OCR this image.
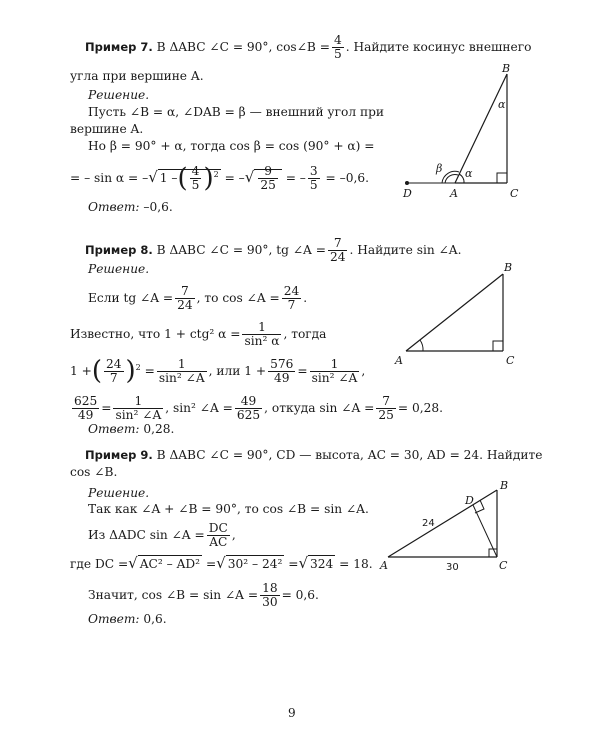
Пример 7. В ΔABC ∠C = 90°, cos∠B = $\frac{4}{5}$ . Найдите косинус внешнего
угла при вершине A.
Решение.
Пусть ∠B = α, ∠DAB = β — внешний угол при
вершине A.
Но β = 90° + α, тогда cos β = cos (90° + α) =
= – sin α = –√ 1 –( $\frac{4}{5} )^2$ = –√ $\frac{9}{25}$ = – $\frac{3}{5} = -0,6$.
Ответ: –0,6.
B
C
A
D
α
α
β
Пример 8. В ΔABC ∠C = 90°, tg ∠A = $\frac{7}{24}$ . Найдите sin ∠A.
Решение.
Если tg ∠A = $\frac{7}{24}$ , то cos ∠A = $\frac{24}{7}$ .
Известно, что 1 + ctg² $\alpha = \frac{1}{\text{sin² α}}$ , тогда
1 +( $\frac{24}{7} )^2 = \frac{1}{\text{sin² ∠A}}$ , или $1 + \frac{576}{49} = \frac{1}{\text{sin² ∠A}}$ ,
$\frac{625}{49} = \frac{1}{\text{sin² ∠A}}$ , sin² ∠A = $\frac{49}{625}$ , откуда sin ∠A = $\frac{7}{25} = 0,28$.
Ответ: 0,28.
B
C
A
Пример 9. В ΔABC ∠C = 90°, CD — высота, AC = 30, AD = 24. Найдите
cos ∠B.
Решение.
Так как ∠A + ∠B = 90°, то cos ∠B = sin ∠A.
Из ΔADC sin ∠A = $\frac{DC}{AC}$ ,
где DC =√ AC² – AD² =√ 30² – 24² =√ 324 = 18.
Значит, cos ∠B = sin ∠A = $\frac{18}{30} = 0,6$.
Ответ: 0,6.
B
C
A
D
24
30
9
